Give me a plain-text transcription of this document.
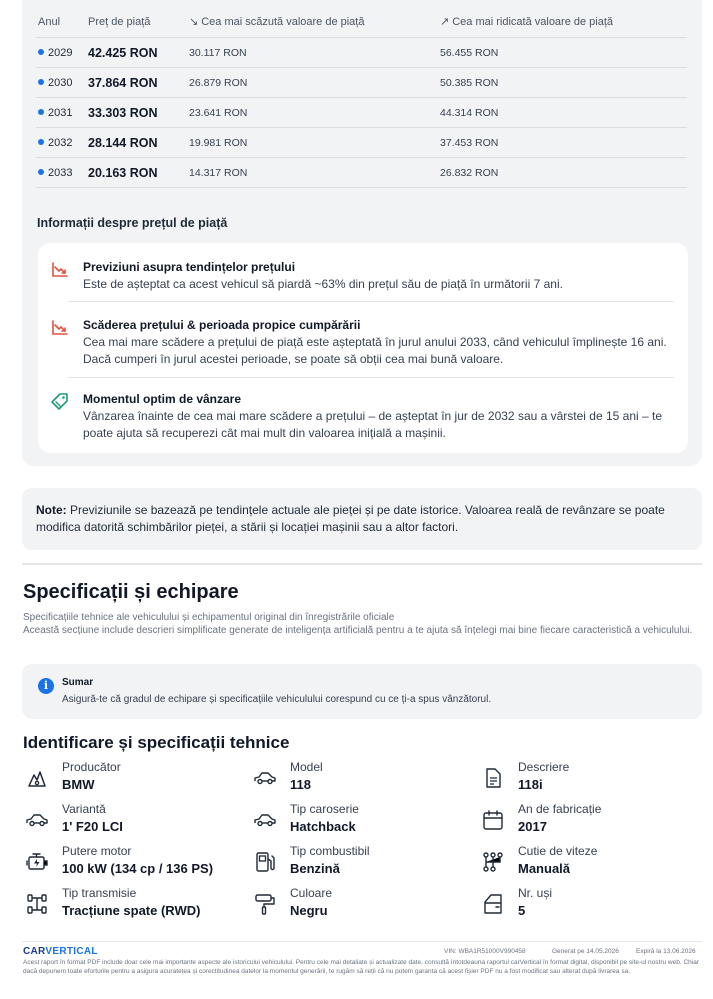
Anul	Preț de piață	↘ Cea mai scăzută valoare de piață	↗ Cea mai ridicată valoare de piață
2029 42.425 RON	30.117 RON	56.455 RON
2030 37.864 RON	26.879 RON	50.385 RON
2031 33.303 RON	23.641 RON	44.314 RON
2032 28.144 RON	19.981 RON	37.453 RON
2033 20.163 RON	14.317 RON	26.832 RON
Informații despre prețul de piață
Previziuni asupra tendințelor prețului
Este de așteptat ca acest vehicul să piardă ~63% din prețul său de piață în următorii 7 ani.
Scăderea prețului & perioada propice cumpărării
Cea mai mare scădere a prețului de piață este așteptată în jurul anului 2033, când vehiculul împlinește 16 ani. Dacă cumperi în jurul acestei perioade, se poate să obții cea mai bună valoare.
Momentul optim de vânzare
Vânzarea înainte de cea mai mare scădere a prețului – de așteptat în jur de 2032 sau a vârstei de 15 ani – te poate ajuta să recuperezi cât mai mult din valoarea inițială a mașinii.
Note: Previziunile se bazează pe tendințele actuale ale pieței și pe date istorice. Valoarea reală de revânzare se poate modifica datorită schimbărilor pieței, a stării și locației mașinii sau a altor factori.
Specificații și echipare
Specificațiile tehnice ale vehiculului și echipamentul original din înregistrările oficiale
Această secțiune include descrieri simplificate generate de inteligența artificială pentru a te ajuta să înțelegi mai bine fiecare caracteristică a vehiculului.
i	Sumar
Asigură-te că gradul de echipare și specificațiile vehiculului corespund cu ce ți-a spus vânzătorul.
Identificare și specificații tehnice
Producător
BMW
Model
118
Descriere
118i
Variantă
1' F20 LCI
Tip caroserie
Hatchback
An de fabricație
2017
Putere motor
100 kW (134 cp / 136 PS)
Tip combustibil
Benzină
Cutie de viteze
Manuală
Tip transmisie
Tracțiune spate (RWD)
Culoare
Negru
Nr. uși
5
CARVERTICAL	VIN: WBA1R51000V990458	Generat pe 14.05.2026	Expiră la 13.06.2026
Acest raport în format PDF include doar cele mai importante aspecte ale istoricului vehiculului. Pentru cele mai detaliate și actualizate date, consultă întotdeauna raportul carVertical în format digital, disponibil pe site-ul nostru web. Chiar dacă depunem toate eforturile pentru a asigura acuratețea și corectitudinea datelor la momentul generării, te rugăm să reții că nu putem garanta că acest fișier PDF nu a fost modificat sau alterat după livrarea sa.
